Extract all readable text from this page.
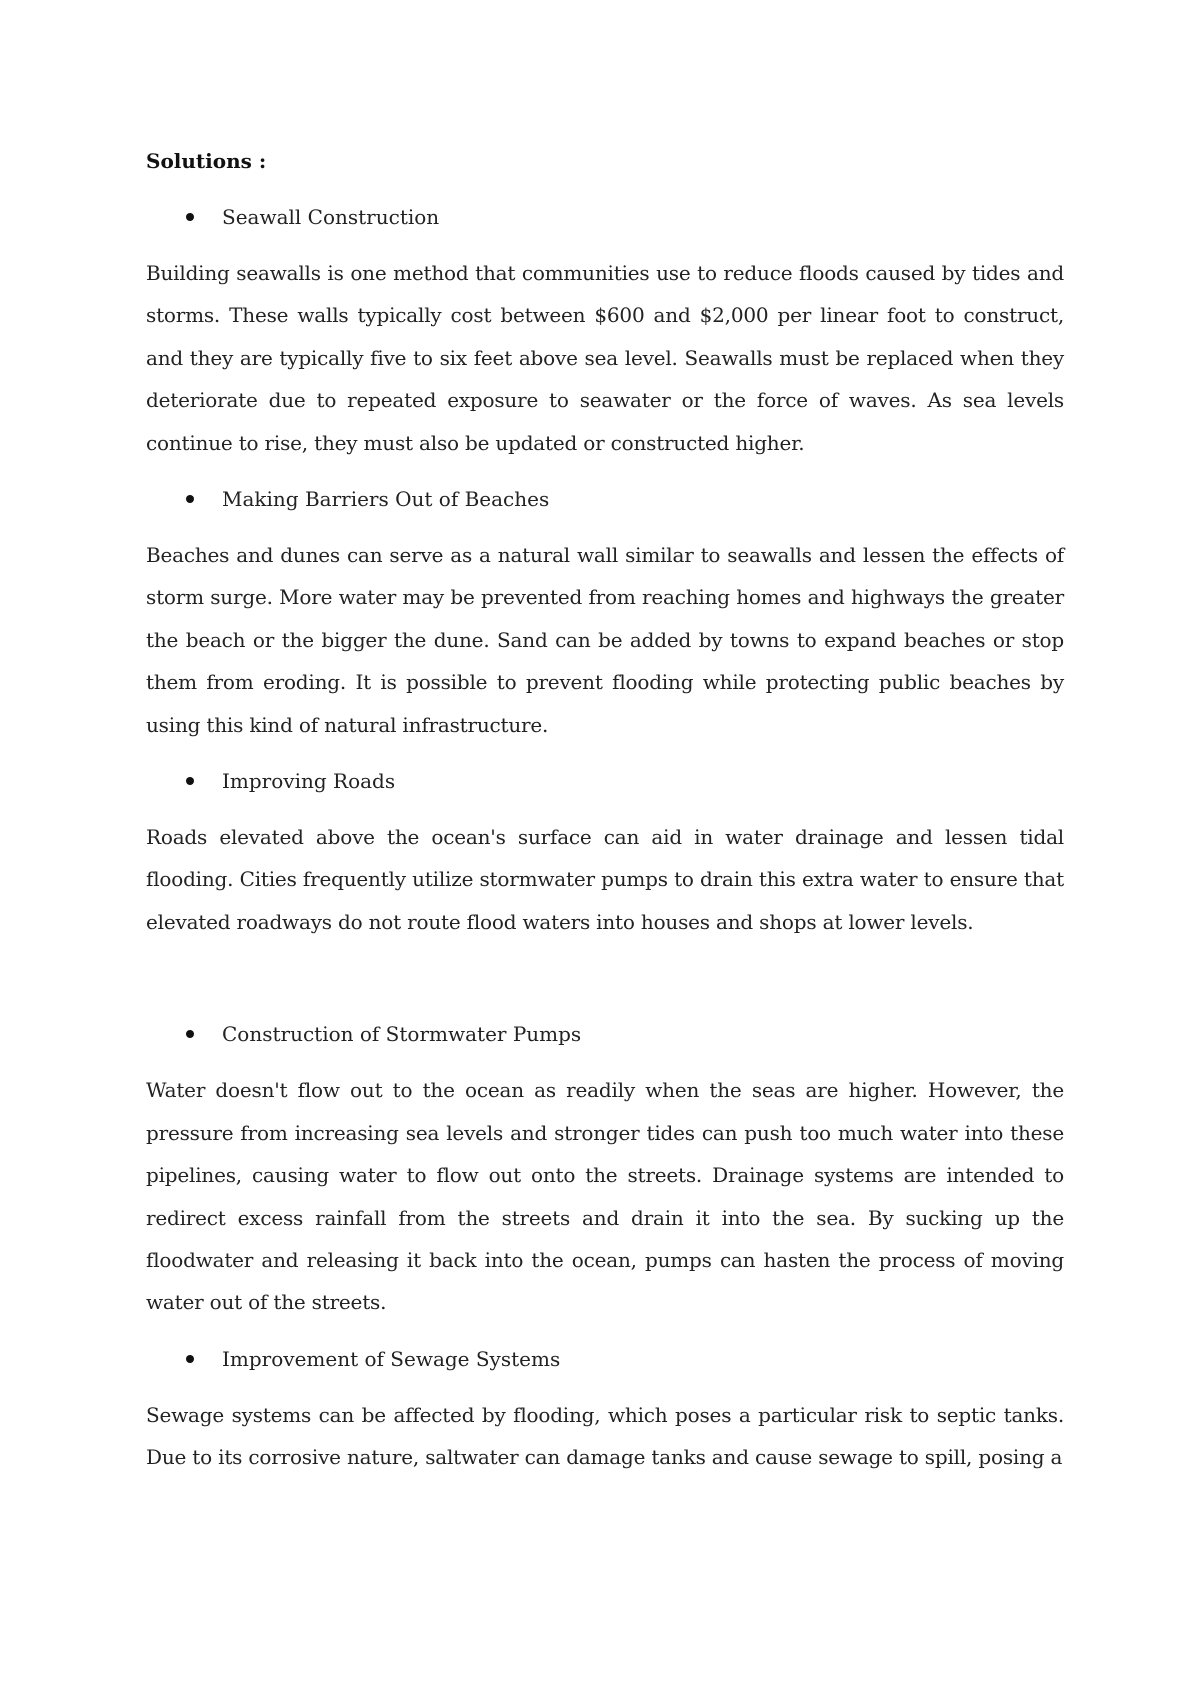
Solutions :
Seawall Construction

Building seawalls is one method that communities use to reduce floods caused by tides and storms. These walls typically cost between $600 and $2,000 per linear foot to construct, and they are typically five to six feet above sea level. Seawalls must be replaced when they deteriorate due to repeated exposure to seawater or the force of waves. As sea levels continue to rise, they must also be updated or constructed higher.

Making Barriers Out of Beaches

Beaches and dunes can serve as a natural wall similar to seawalls and lessen the effects of storm surge. More water may be prevented from reaching homes and highways the greater the beach or the bigger the dune. Sand can be added by towns to expand beaches or stop them from eroding. It is possible to prevent flooding while protecting public beaches by using this kind of natural infrastructure.

Improving Roads

Roads elevated above the ocean's surface can aid in water drainage and lessen tidal flooding. Cities frequently utilize stormwater pumps to drain this extra water to ensure that elevated roadways do not route flood waters into houses and shops at lower levels.

Construction of Stormwater Pumps

Water doesn't flow out to the ocean as readily when the seas are higher. However, the pressure from increasing sea levels and stronger tides can push too much water into these pipelines, causing water to flow out onto the streets. Drainage systems are intended to redirect excess rainfall from the streets and drain it into the sea. By sucking up the floodwater and releasing it back into the ocean, pumps can hasten the process of moving water out of the streets.

Improvement of Sewage Systems

Sewage systems can be affected by flooding, which poses a particular risk to septic tanks. Due to its corrosive nature, saltwater can damage tanks and cause sewage to spill, posing a
